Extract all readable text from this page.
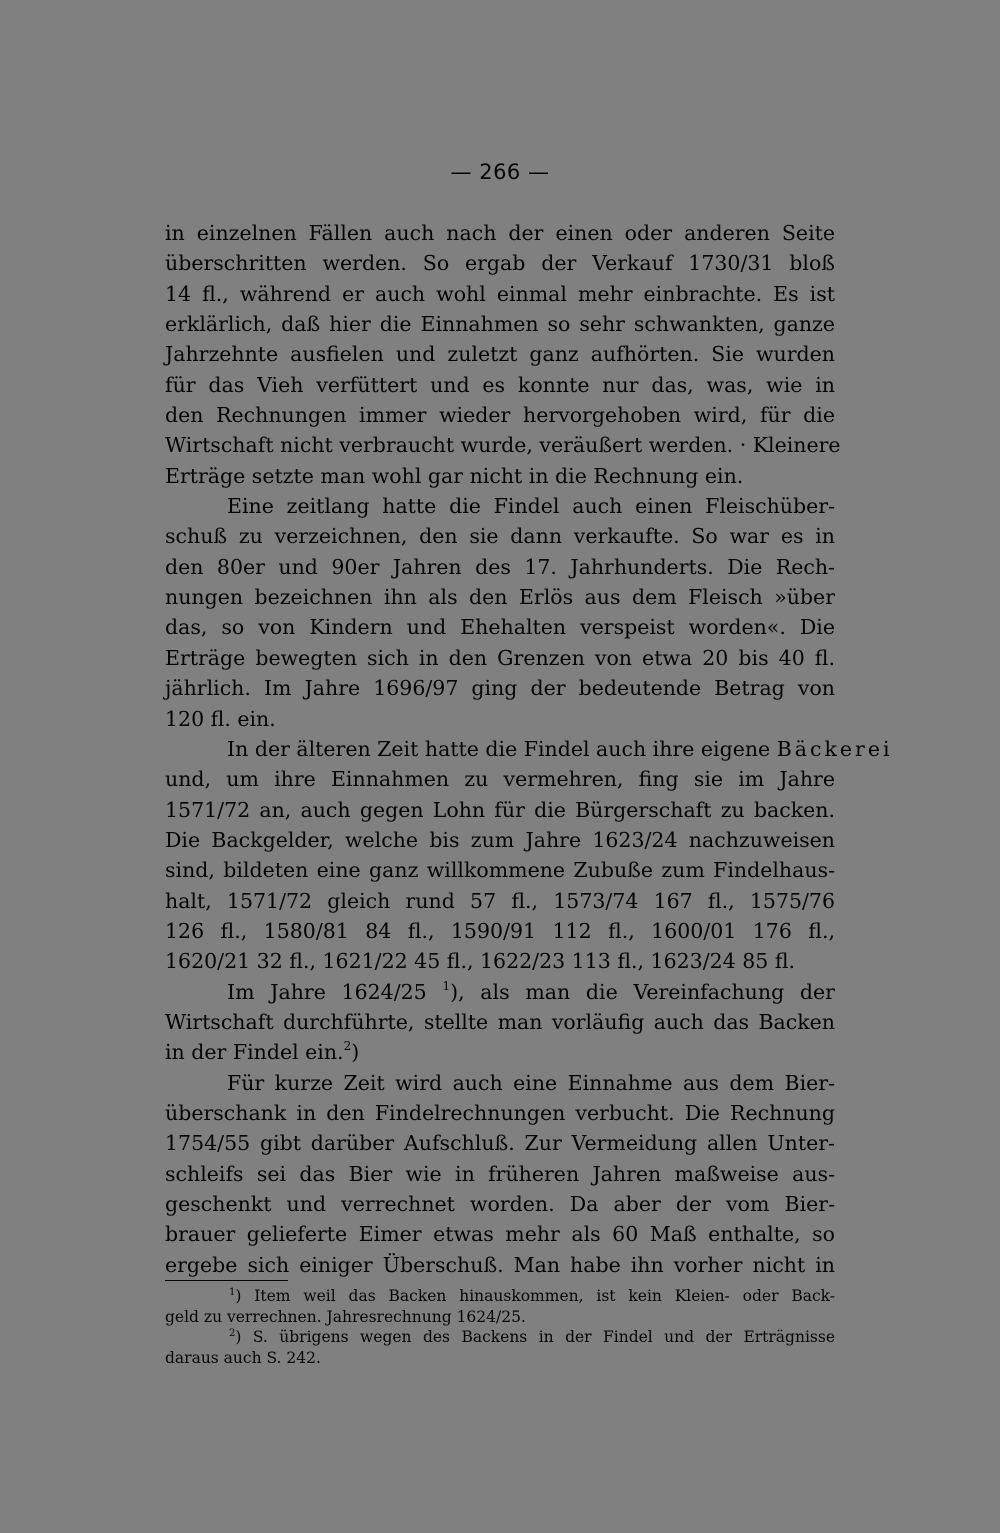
— 266 —
in einzelnen Fällen auch nach der einen oder anderen Seite
überschritten werden. So ergab der Verkauf 1730/31 bloß
14 fl., während er auch wohl einmal mehr einbrachte. Es ist
erklärlich, daß hier die Einnahmen so sehr schwankten, ganze
Jahrzehnte ausfielen und zuletzt ganz aufhörten. Sie wurden
für das Vieh verfüttert und es konnte nur das, was, wie in
den Rechnungen immer wieder hervorgehoben wird, für die
Wirtschaft nicht verbraucht wurde, veräußert werden. · Kleinere
Erträge setzte man wohl gar nicht in die Rechnung ein.
Eine zeitlang hatte die Findel auch einen Fleischüber-
schuß zu verzeichnen, den sie dann verkaufte. So war es in
den 80er und 90er Jahren des 17. Jahrhunderts. Die Rech-
nungen bezeichnen ihn als den Erlös aus dem Fleisch »über
das, so von Kindern und Ehehalten verspeist worden«. Die
Erträge bewegten sich in den Grenzen von etwa 20 bis 40 fl.
jährlich. Im Jahre 1696/97 ging der bedeutende Betrag von
120 fl. ein.
In der älteren Zeit hatte die Findel auch ihre eigene Bäckerei
und, um ihre Einnahmen zu vermehren, fing sie im Jahre
1571/72 an, auch gegen Lohn für die Bürgerschaft zu backen.
Die Backgelder, welche bis zum Jahre 1623/24 nachzuweisen
sind, bildeten eine ganz willkommene Zubuße zum Findelhaus-
halt, 1571/72 gleich rund 57 fl., 1573/74 167 fl., 1575/76
126 fl., 1580/81 84 fl., 1590/91 112 fl., 1600/01 176 fl.,
1620/21 32 fl., 1621/22 45 fl., 1622/23 113 fl., 1623/24 85 fl.
Im Jahre 1624/25 $^1$), als man die Vereinfachung der
Wirtschaft durchführte, stellte man vorläufig auch das Backen
in der Findel ein.$^2$)
Für kurze Zeit wird auch eine Einnahme aus dem Bier-
überschank in den Findelrechnungen verbucht. Die Rechnung
1754/55 gibt darüber Aufschluß. Zur Vermeidung allen Unter-
schleifs sei das Bier wie in früheren Jahren maßweise aus-
geschenkt und verrechnet worden. Da aber der vom Bier-
brauer gelieferte Eimer etwas mehr als 60 Maß enthalte, so
ergebe sich einiger Überschuß. Man habe ihn vorher nicht in
$^1$) Item weil das Backen hinauskommen, ist kein Kleien- oder Back-
geld zu verrechnen. Jahresrechnung 1624/25.
$^2$) S. übrigens wegen des Backens in der Findel und der Erträgnisse
daraus auch S. 242.
